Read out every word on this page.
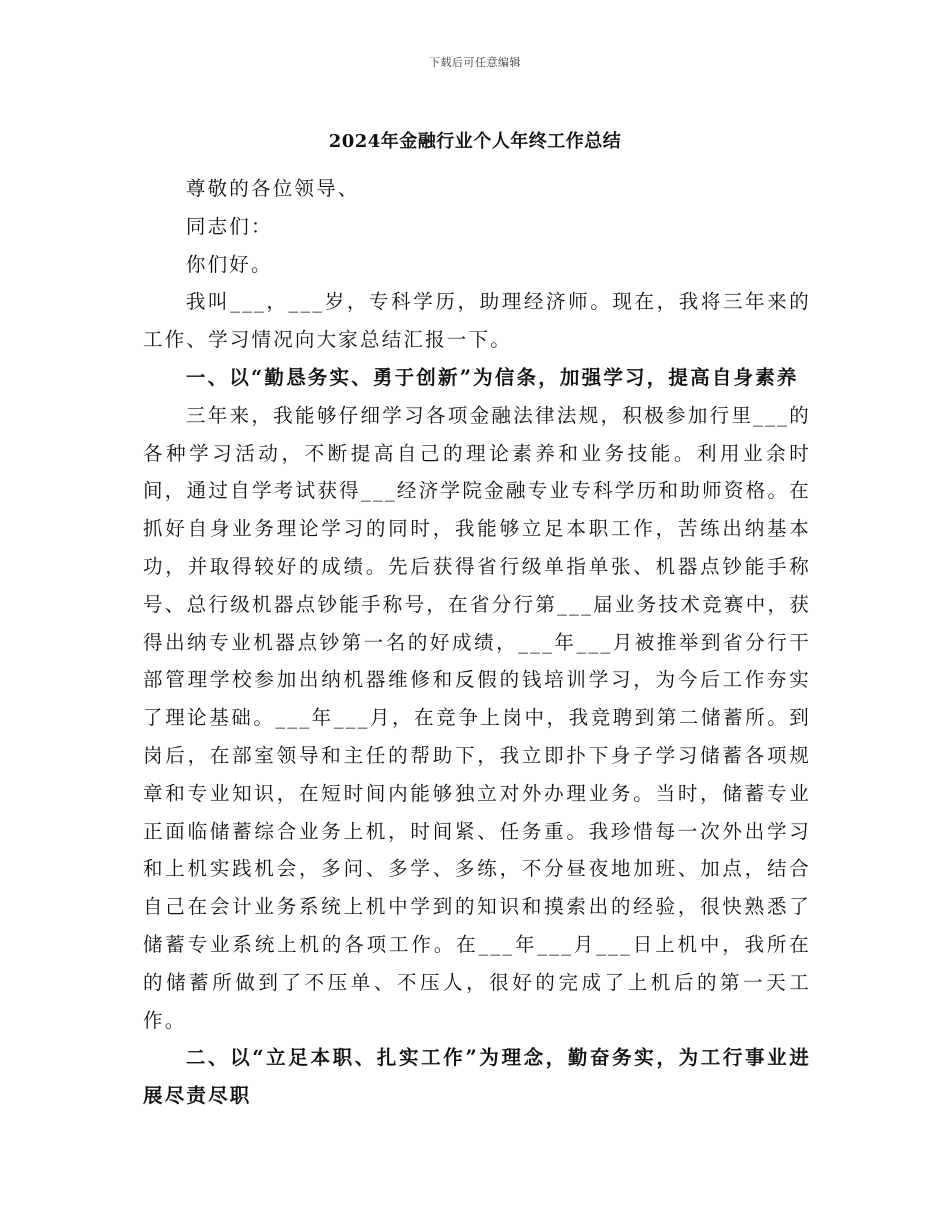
下载后可任意编辑
2024年金融行业个人年终工作总结

尊敬的各位领导、

同志们：

你们好。

我叫___，___岁，专科学历，助理经济师。现在，我将三年来的工作、学习情况向大家总结汇报一下。

一、以“勤恳务实、勇于创新”为信条，加强学习，提高自身素养

三年来，我能够仔细学习各项金融法律法规，积极参加行里___的各种学习活动，不断提高自己的理论素养和业务技能。利用业余时间，通过自学考试获得___经济学院金融专业专科学历和助师资格。在抓好自身业务理论学习的同时，我能够立足本职工作，苦练出纳基本功，并取得较好的成绩。先后获得省行级单指单张、机器点钞能手称号、总行级机器点钞能手称号，在省分行第___届业务技术竞赛中，获得出纳专业机器点钞第一名的好成绩，___年___月被推举到省分行干部管理学校参加出纳机器维修和反假的钱培训学习，为今后工作夯实了理论基础。___年___月，在竞争上岗中，我竞聘到第二储蓄所。到岗后，在部室领导和主任的帮助下，我立即扑下身子学习储蓄各项规章和专业知识，在短时间内能够独立对外办理业务。当时，储蓄专业正面临储蓄综合业务上机，时间紧、任务重。我珍惜每一次外出学习和上机实践机会，多问、多学、多练，不分昼夜地加班、加点，结合自己在会计业务系统上机中学到的知识和摸索出的经验，很快熟悉了储蓄专业系统上机的各项工作。在___年___月___日上机中，我所在的储蓄所做到了不压单、不压人，很好的完成了上机后的第一天工作。

二、以“立足本职、扎实工作”为理念，勤奋务实，为工行事业进展尽责尽职
